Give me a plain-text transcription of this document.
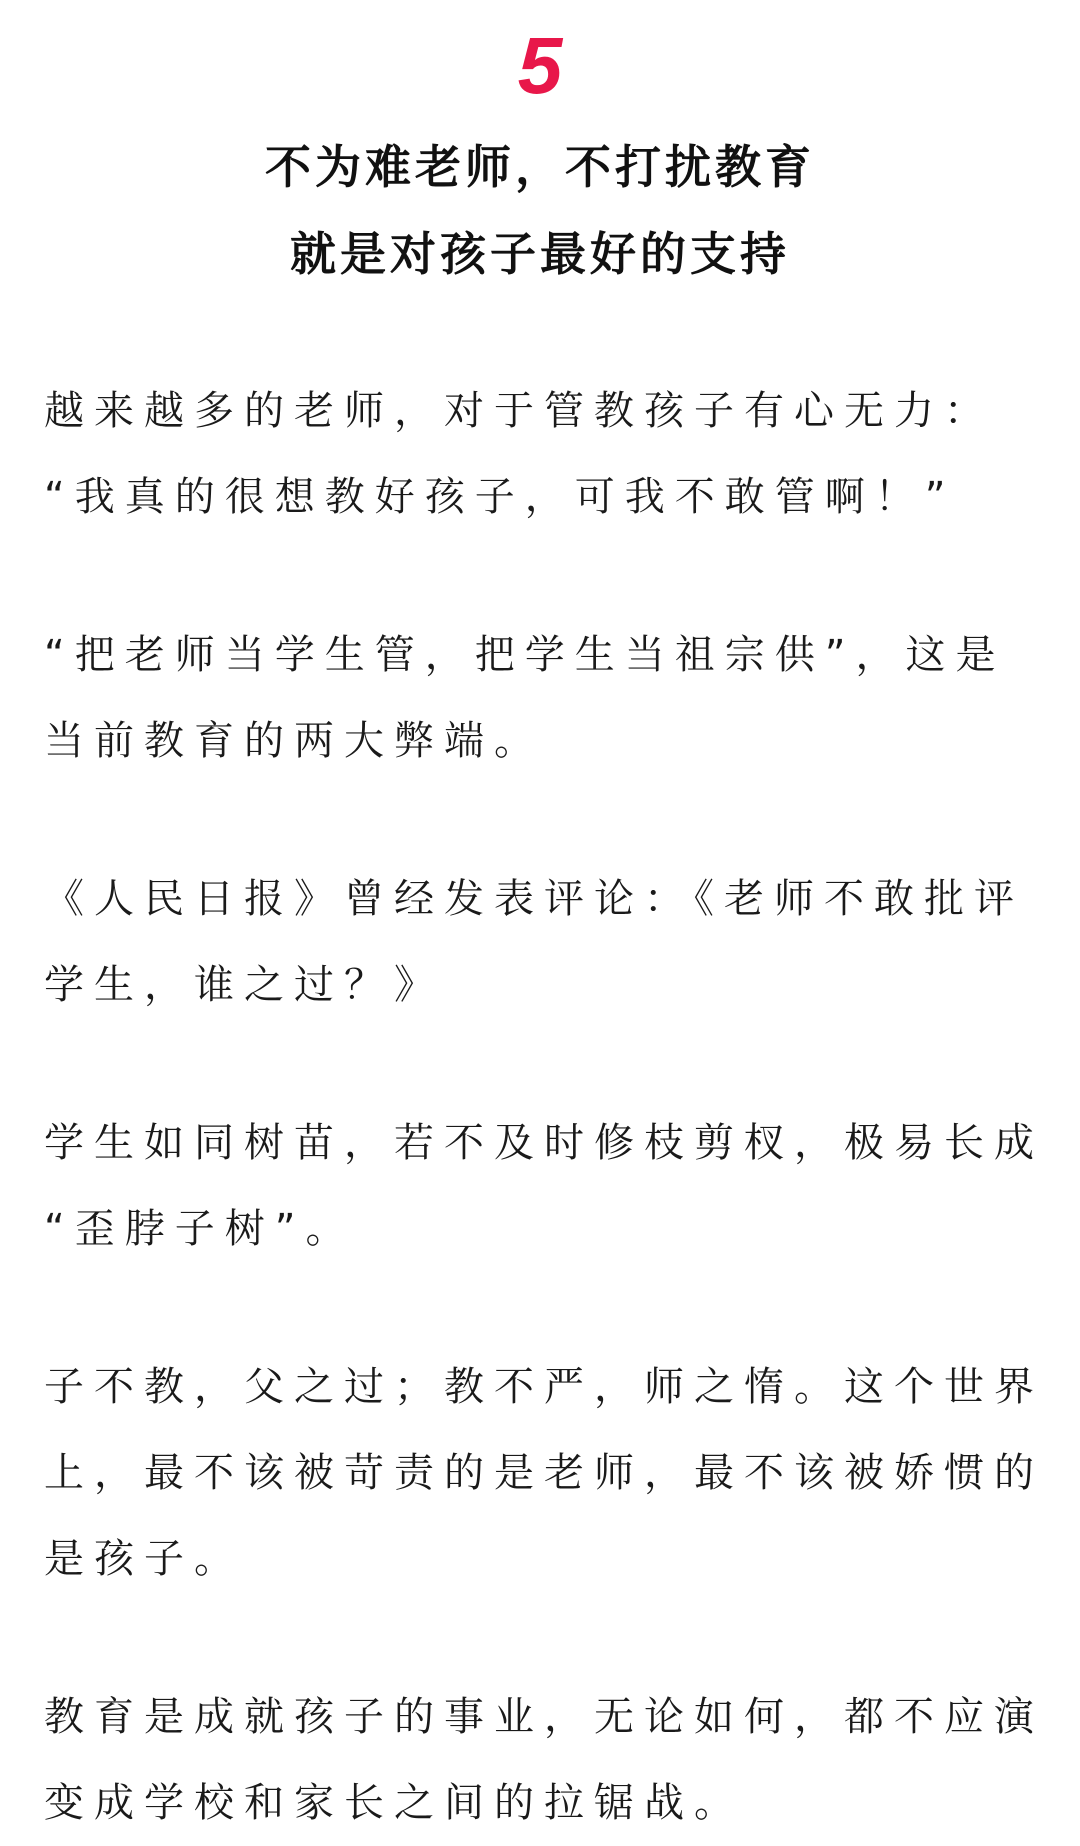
5
不为难老师，不打扰教育
就是对孩子最好的支持
越来越多的老师，对于管教孩子有心无力：
“我真的很想教好孩子，可我不敢管啊！”
“把老师当学生管，把学生当祖宗供”，这是
当前教育的两大弊端。
《人民日报》曾经发表评论：《老师不敢批评
学生，谁之过？》
学生如同树苗，若不及时修枝剪杈，极易长成
“歪脖子树”。
子不教，父之过；教不严，师之惰。这个世界
上，最不该被苛责的是老师，最不该被娇惯的
是孩子。
教育是成就孩子的事业，无论如何，都不应演
变成学校和家长之间的拉锯战。
